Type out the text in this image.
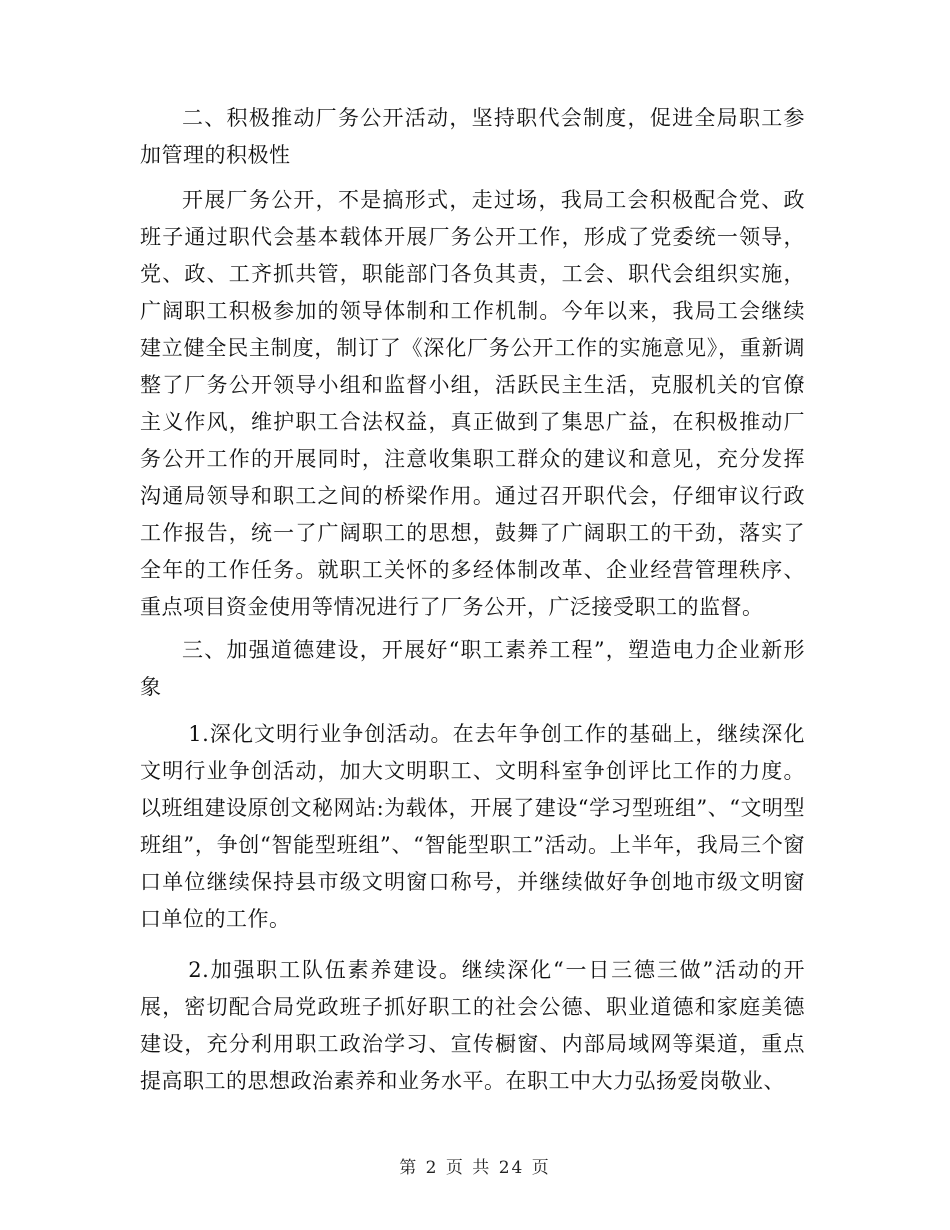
二、积极推动厂务公开活动，坚持职代会制度，促进全局职工参加管理的积极性

开展厂务公开，不是搞形式，走过场，我局工会积极配合党、政班子通过职代会基本载体开展厂务公开工作，形成了党委统一领导，党、政、工齐抓共管，职能部门各负其责，工会、职代会组织实施，广阔职工积极参加的领导体制和工作机制。今年以来，我局工会继续建立健全民主制度，制订了《深化厂务公开工作的实施意见》，重新调整了厂务公开领导小组和监督小组，活跃民主生活，克服机关的官僚主义作风，维护职工合法权益，真正做到了集思广益，在积极推动厂务公开工作的开展同时，注意收集职工群众的建议和意见，充分发挥沟通局领导和职工之间的桥梁作用。通过召开职代会，仔细审议行政工作报告，统一了广阔职工的思想，鼓舞了广阔职工的干劲，落实了全年的工作任务。就职工关怀的多经体制改革、企业经营管理秩序、重点项目资金使用等情况进行了厂务公开，广泛接受职工的监督。

三、加强道德建设，开展好“职工素养工程”，塑造电力企业新形象

1.深化文明行业争创活动。在去年争创工作的基础上，继续深化文明行业争创活动，加大文明职工、文明科室争创评比工作的力度。以班组建设原创文秘网站:为载体，开展了建设“学习型班组”、“文明型班组”，争创“智能型班组”、“智能型职工”活动。上半年，我局三个窗口单位继续保持县市级文明窗口称号，并继续做好争创地市级文明窗口单位的工作。

2.加强职工队伍素养建设。继续深化“一日三德三做”活动的开展，密切配合局党政班子抓好职工的社会公德、职业道德和家庭美德建设，充分利用职工政治学习、宣传橱窗、内部局域网等渠道，重点提高职工的思想政治素养和业务水平。在职工中大力弘扬爱岗敬业、

第 2 页 共 24 页
